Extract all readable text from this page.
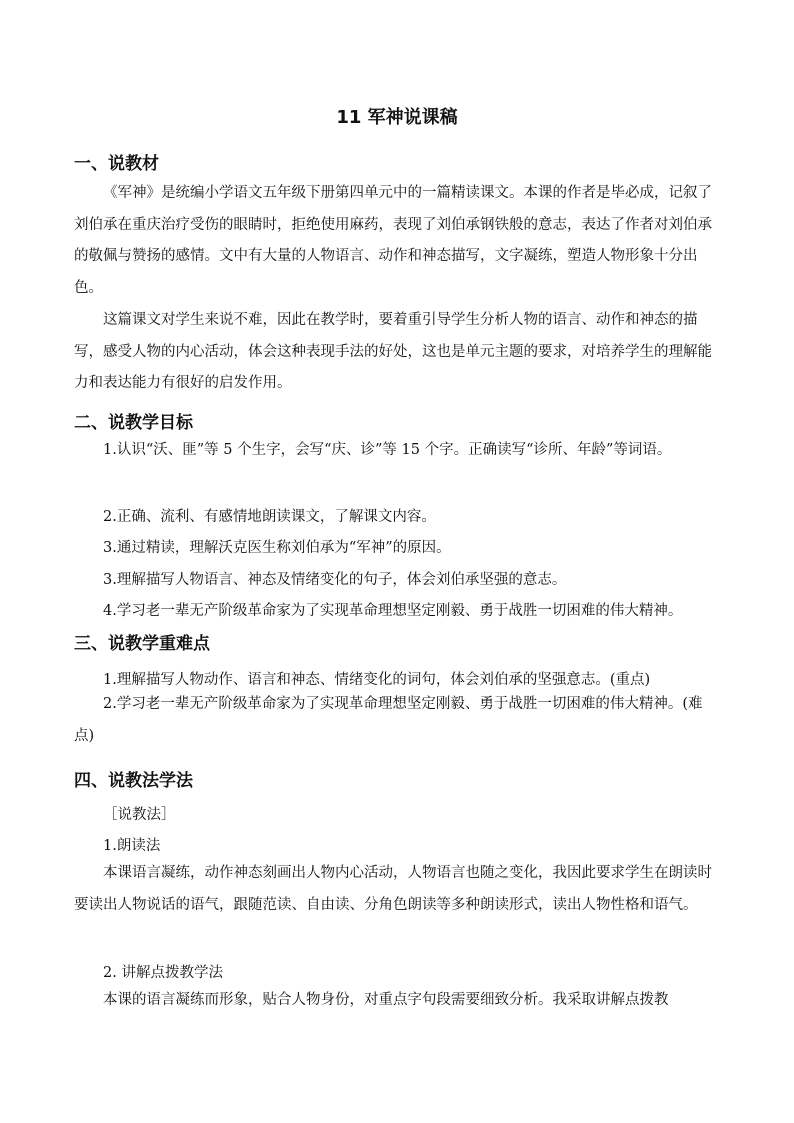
11 军神说课稿
一、说教材

《军神》是统编小学语文五年级下册第四单元中的一篇精读课文。本课的作者是毕必成，记叙了刘伯承在重庆治疗受伤的眼睛时，拒绝使用麻药，表现了刘伯承钢铁般的意志，表达了作者对刘伯承的敬佩与赞扬的感情。文中有大量的人物语言、动作和神态描写，文字凝练，塑造人物形象十分出色。

这篇课文对学生来说不难，因此在教学时，要着重引导学生分析人物的语言、动作和神态的描写，感受人物的内心活动，体会这种表现手法的好处，这也是单元主题的要求，对培养学生的理解能力和表达能力有很好的启发作用。

二、说教学目标

1.认识“沃、匪”等 5 个生字，会写“庆、诊”等 15 个字。正确读写“诊所、年龄”等词语。

2.正确、流利、有感情地朗读课文，了解课文内容。
3.通过精读，理解沃克医生称刘伯承为“军神”的原因。
3.理解描写人物语言、神态及情绪变化的句子，体会刘伯承坚强的意志。
4.学习老一辈无产阶级革命家为了实现革命理想坚定刚毅、勇于战胜一切困难的伟大精神。
三、说教学重难点
1.理解描写人物动作、语言和神态、情绪变化的词句，体会刘伯承的坚强意志。(重点)

2.学习老一辈无产阶级革命家为了实现革命理想坚定刚毅、勇于战胜一切困难的伟大精神。(难点)

四、说教法学法
［说教法］
1.朗读法

本课语言凝练，动作神态刻画出人物内心活动，人物语言也随之变化，我因此要求学生在朗读时要读出人物说话的语气，跟随范读、自由读、分角色朗读等多种朗读形式，读出人物性格和语气。

2. 讲解点拨教学法

本课的语言凝练而形象，贴合人物身份，对重点字句段需要细致分析。我采取讲解点拨教
